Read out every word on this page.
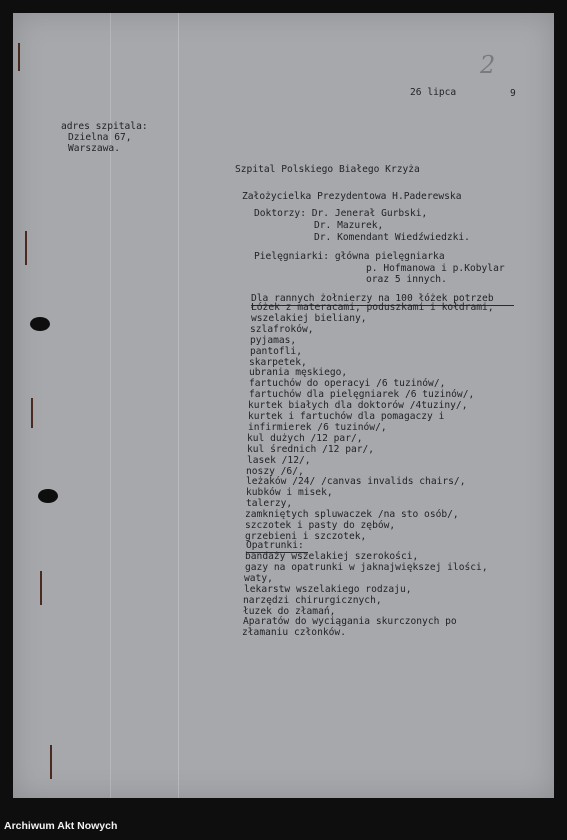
2
26 lipca	9
adres szpitala:
Dzielna 67,
Warszawa.
Szpital Polskiego Białego Krzyża
Założycielka Prezydentowa H.Paderewska
Doktorzy: Dr. Jenerał Gurbski,
Dr. Mazurek,
Dr. Komendant Wiedźwiedzki.
Pielęgniarki: główna pielęgniarka
p. Hofmanowa i p.Kobylar
oraz 5 innych.
Dla rannych żołnierzy na 100 łóżek potrzeb
Łóżek z materacami, poduszkami i kołdrami,
wszelakiej bieliany,
szlafroków,
pyjamas,
pantofli,
skarpetek,
ubrania męskiego,
fartuchów do operacyi /6 tuzinów/,
fartuchów dla pielęgniarek /6 tuzinów/,
kurtek białych dla doktorów /4tuziny/,
kurtek i fartuchów dla pomagaczy i
infirmierek /6 tuzinów/,
kul dużych /12 par/,
kul średnich /12 par/,
lasek /12/,
noszy /6/,
leżaków /24/ /canvas invalids chairs/,
kubków i misek,
talerzy,
zamkniętych spluwaczek /na sto osób/,
szczotek i pasty do zębów,
grzebieni i szczotek,
Opatrunki:
bandaży wszelakiej szerokości,
gazy na opatrunki w jaknajwiększej ilości,
waty,
lekarstw wszelakiego rodzaju,
narzędzi chirurgicznych,
łuzek do złamań,
Aparatów do wyciągania skurczonych po
złamaniu członków.
Archiwum Akt Nowych
